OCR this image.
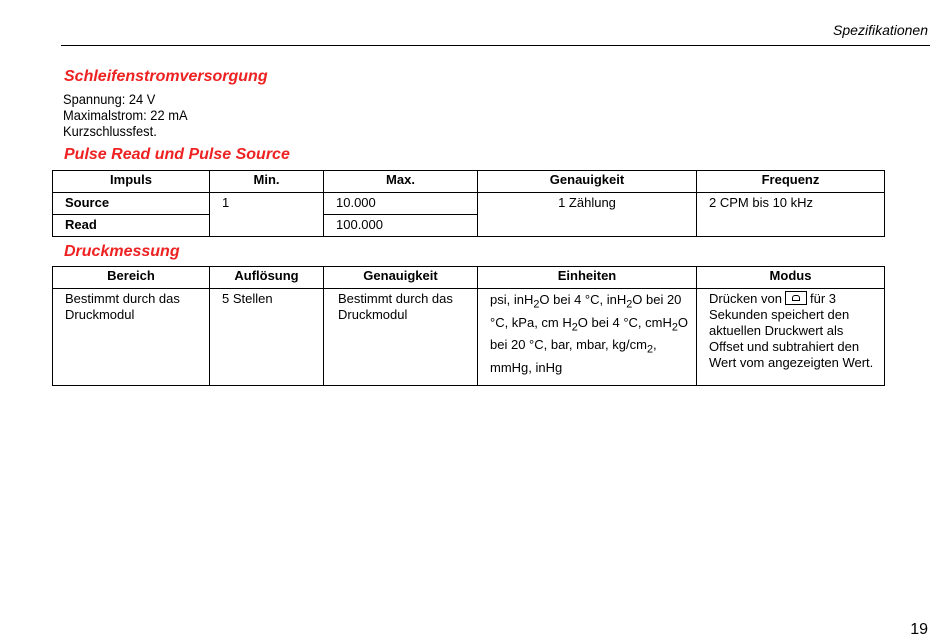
Spezifikationen
Schleifenstromversorgung
Spannung: 24 V
Maximalstrom: 22 mA
Kurzschlussfest.
Pulse Read und Pulse Source
Impuls	Min.	Max.	Genauigkeit	Frequenz
Source	1	10.000	1 Zählung	2 CPM bis 10 kHz
Read		100.000		
Druckmessung
Bereich	Auflösung	Genauigkeit	Einheiten	Modus
Bestimmt durch das Druckmodul	5 Stellen	Bestimmt durch das Druckmodul	psi, inH$_2$O bei 4 °C, inH$_2$O bei 20 °C, kPa, cm $H_2O$ bei 4 °C, cmH$_2$O bei 20 °C, bar, mbar, $kg/cm_2$, mmHg, inHg	Drücken von für 3 Sekunden speichert den aktuellen Druckwert als Offset und subtrahiert den Wert vom angezeigten Wert.
19
